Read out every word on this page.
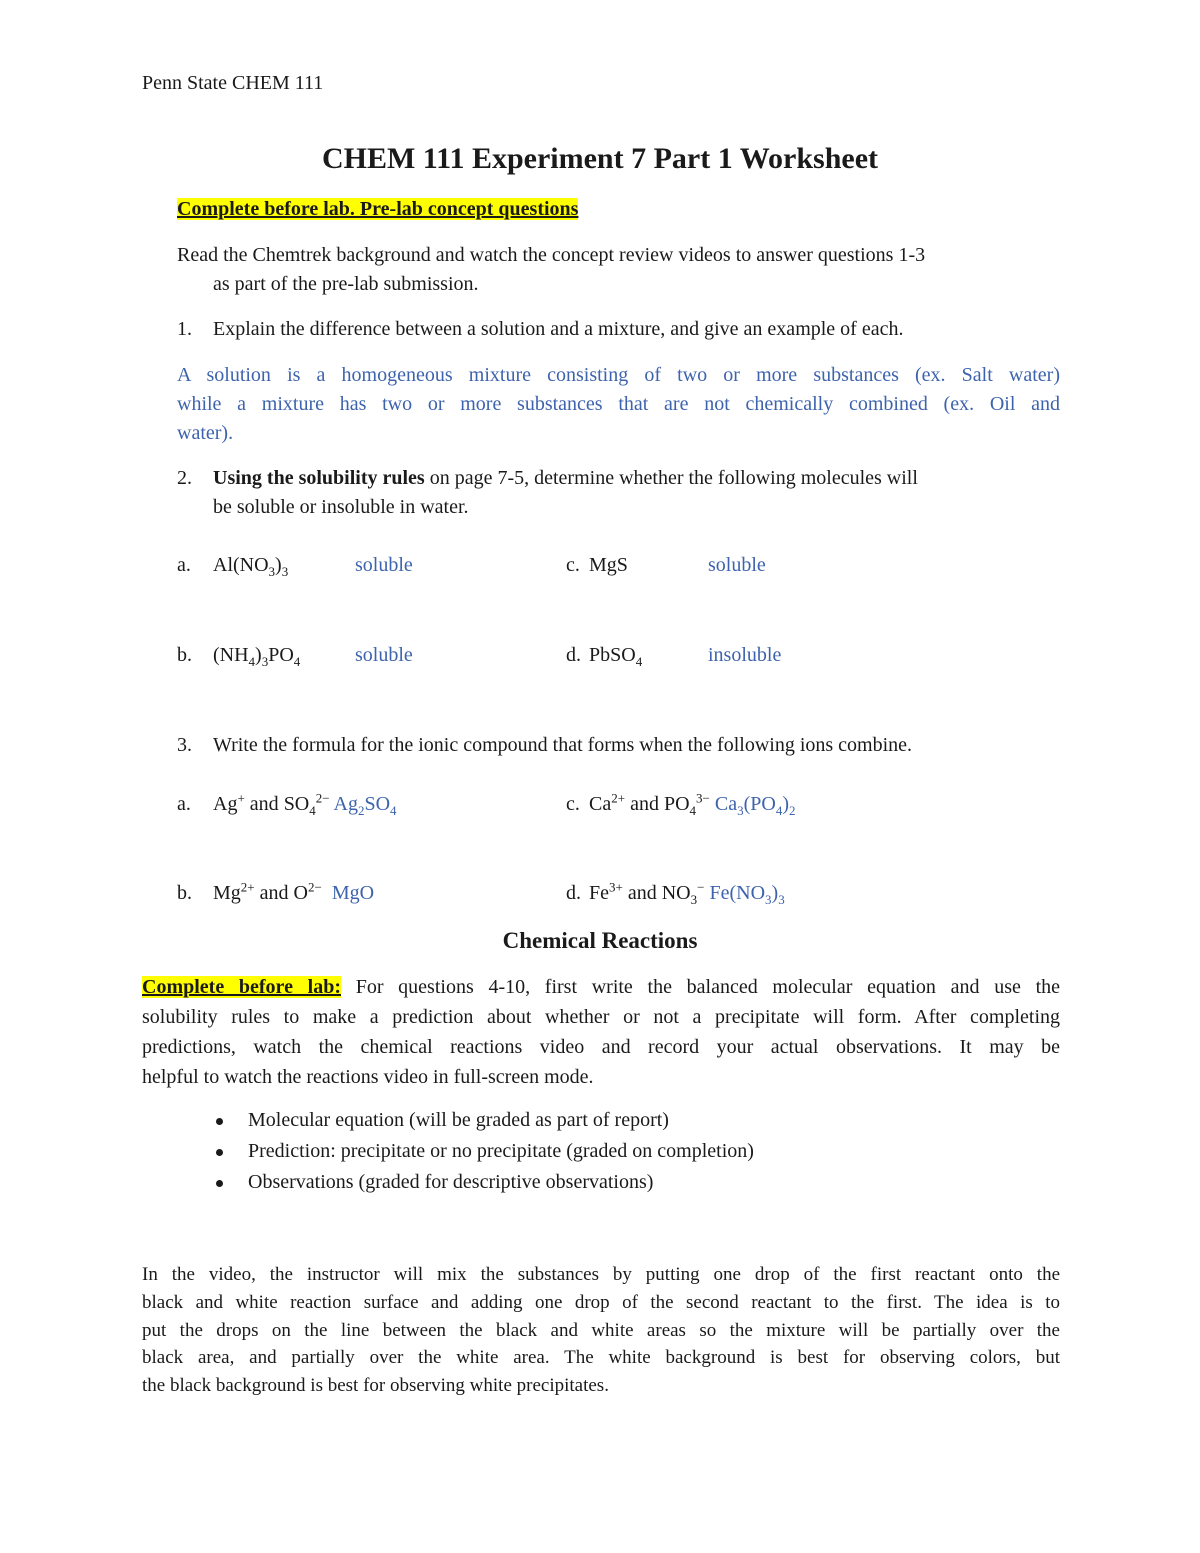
Penn State CHEM 111
CHEM 111 Experiment 7 Part 1 Worksheet
Complete before lab. Pre-lab concept questions
Read the Chemtrek background and watch the concept review videos to answer questions 1-3
as part of the pre-lab submission.
1. Explain the difference between a solution and a mixture, and give an example of each.
A solution is a homogeneous mixture consisting of two or more substances (ex. Salt water)
while a mixture has two or more substances that are not chemically combined (ex. Oil and
water).
2. Using the solubility rules on page 7-5, determine whether the following molecules will
be soluble or insoluble in water.
a. $Al(NO_3)_3$	soluble	c. MgS	soluble
b. $(NH_4)_3PO_4$	soluble	d. PbSO$_4$	insoluble
3. Write the formula for the ionic compound that forms when the following ions combine.
a. Ag+ and $SO_4^{2-}$ $Ag_2SO_4$	c. $Ca^{2+}$ and $PO_4^{3-}$ $Ca_3(PO_4)_2$
b. $Mg^{2+}$ and $O^{2-}$ MgO	d. $Fe^{3+}$ and $NO_3^-$ $Fe(NO_3)_3$
Chemical Reactions
Complete before lab: For questions 4-10, first write the balanced molecular equation and use the
solubility rules to make a prediction about whether or not a precipitate will form. After completing
predictions, watch the chemical reactions video and record your actual observations. It may be
helpful to watch the reactions video in full-screen mode.
Molecular equation (will be graded as part of report)
Prediction: precipitate or no precipitate (graded on completion)
Observations (graded for descriptive observations)
In the video, the instructor will mix the substances by putting one drop of the first reactant onto the
black and white reaction surface and adding one drop of the second reactant to the first. The idea is to
put the drops on the line between the black and white areas so the mixture will be partially over the
black area, and partially over the white area. The white background is best for observing colors, but
the black background is best for observing white precipitates.
